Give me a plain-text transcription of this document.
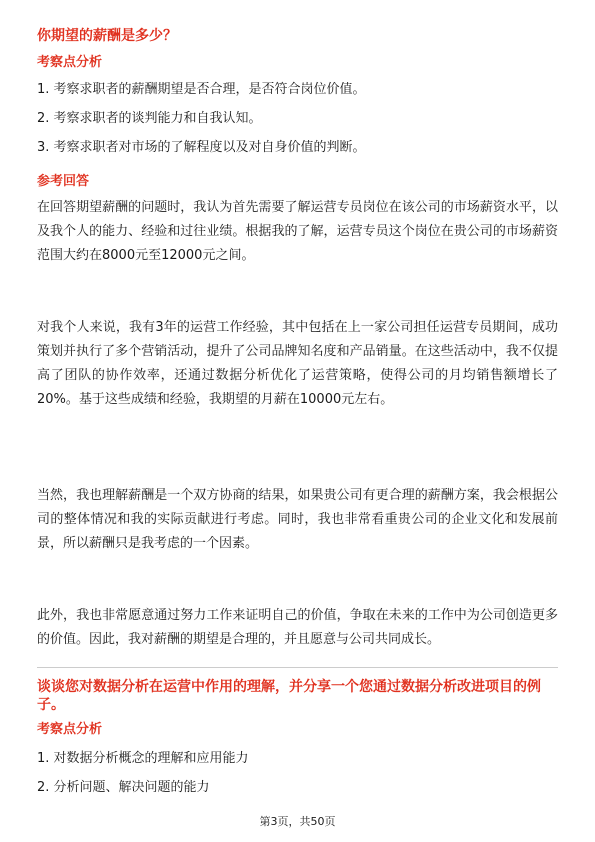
你期望的薪酬是多少？
考察点分析
1. 考察求职者的薪酬期望是否合理，是否符合岗位价值。
2. 考察求职者的谈判能力和自我认知。
3. 考察求职者对市场的了解程度以及对自身价值的判断。
参考回答
在回答期望薪酬的问题时，我认为首先需要了解运营专员岗位在该公司的市场薪资水平，以及我个人的能力、经验和过往业绩。根据我的了解，运营专员这个岗位在贵公司的市场薪资范围大约在8000元至12000元之间。
对我个人来说，我有3年的运营工作经验，其中包括在上一家公司担任运营专员期间，成功策划并执行了多个营销活动，提升了公司品牌知名度和产品销量。在这些活动中，我不仅提高了团队的协作效率，还通过数据分析优化了运营策略，使得公司的月均销售额增长了20%。基于这些成绩和经验，我期望的月薪在10000元左右。
当然，我也理解薪酬是一个双方协商的结果，如果贵公司有更合理的薪酬方案，我会根据公司的整体情况和我的实际贡献进行考虑。同时，我也非常看重贵公司的企业文化和发展前景，所以薪酬只是我考虑的一个因素。
此外，我也非常愿意通过努力工作来证明自己的价值，争取在未来的工作中为公司创造更多的价值。因此，我对薪酬的期望是合理的，并且愿意与公司共同成长。
谈谈您对数据分析在运营中作用的理解，并分享一个您通过数据分析改进项目的例子。
考察点分析
1. 对数据分析概念的理解和应用能力
2. 分析问题、解决问题的能力
第3页，共50页
